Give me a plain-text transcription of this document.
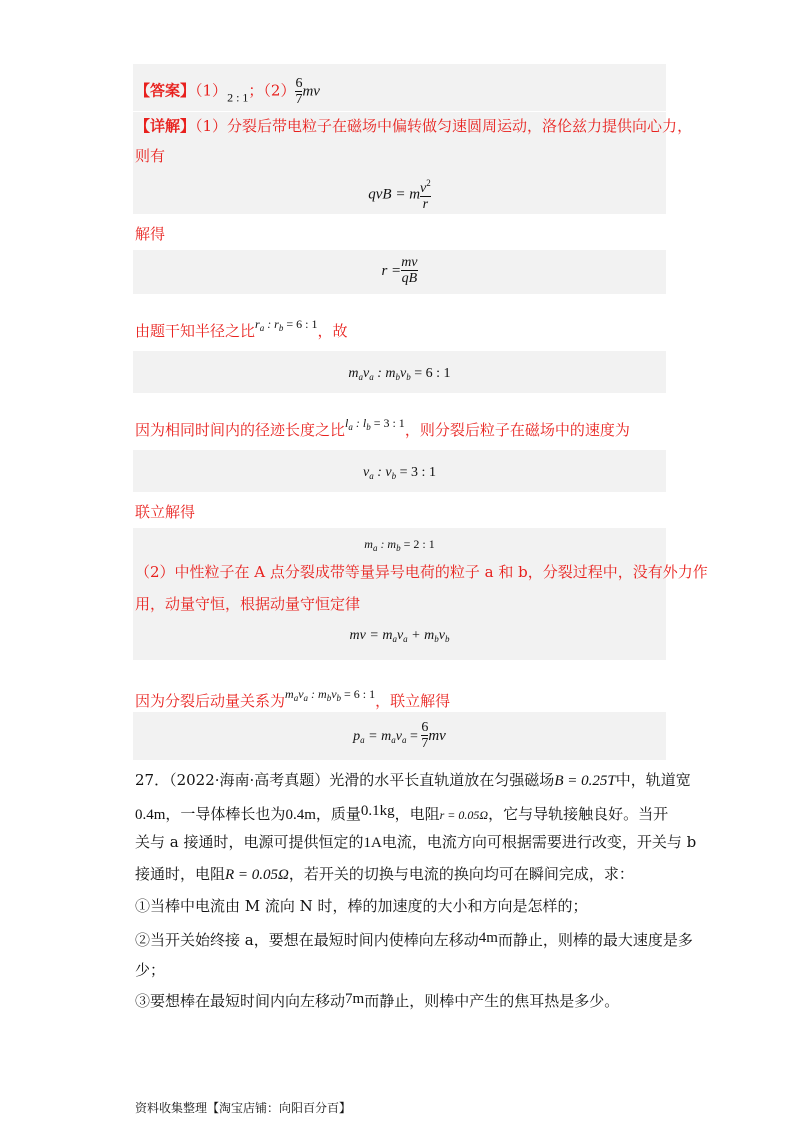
【答案】$(1)_{2 : 1}$；$(2) \frac{6}{7}$ mv
【详解】（1）分裂后带电粒子在磁场中偏转做匀速圆周运动，洛伦兹力提供向心力，
则有
qvB = m $\frac{v^2}{r}$
解得
$r = \frac{mv}{qB}$
由题干知半径之比$^{r_a : r_b = 6 : 1}$，故
$m_av_a$ : $m_bv_b = 6$ : 1
因为相同时间内的径迹长度之比$^{l_a : l_b = 3 : 1}$，则分裂后粒子在磁场中的速度为
$v_a$ : $v_b = 3$ : 1
联立解得
$m_a$ : $m_b = 2$ : 1
（2）中性粒子在 A 点分裂成带等量异号电荷的粒子 a 和 b，分裂过程中，没有外力作
用，动量守恒，根据动量守恒定律
mv = $m_av_a + m_bv_b$
因为分裂后动量关系为$^{m_av_a : m_bv_b = 6 : 1}$，联立解得
$p_a = m_av_a = \frac{6}{7}$ mv
27．（2022·海南·高考真题）光滑的水平长直轨道放在匀强磁场B = 0.25T中，轨道宽
0.4m，一导体棒长也为0.4m，质量0.1kg，电阻r = 0.05Ω，它与导轨接触良好。当开
关与 a 接通时，电源可提供恒定的1A电流，电流方向可根据需要进行改变，开关与 b
接通时，电阻R = 0.05Ω，若开关的切换与电流的换向均可在瞬间完成，求：
①当棒中电流由 M 流向 N 时，棒的加速度的大小和方向是怎样的；
②当开关始终接 a，要想在最短时间内使棒向左移动4m而静止，则棒的最大速度是多
少；
③要想棒在最短时间内向左移动7m而静止，则棒中产生的焦耳热是多少。
资料收集整理【淘宝店铺：向阳百分百】
